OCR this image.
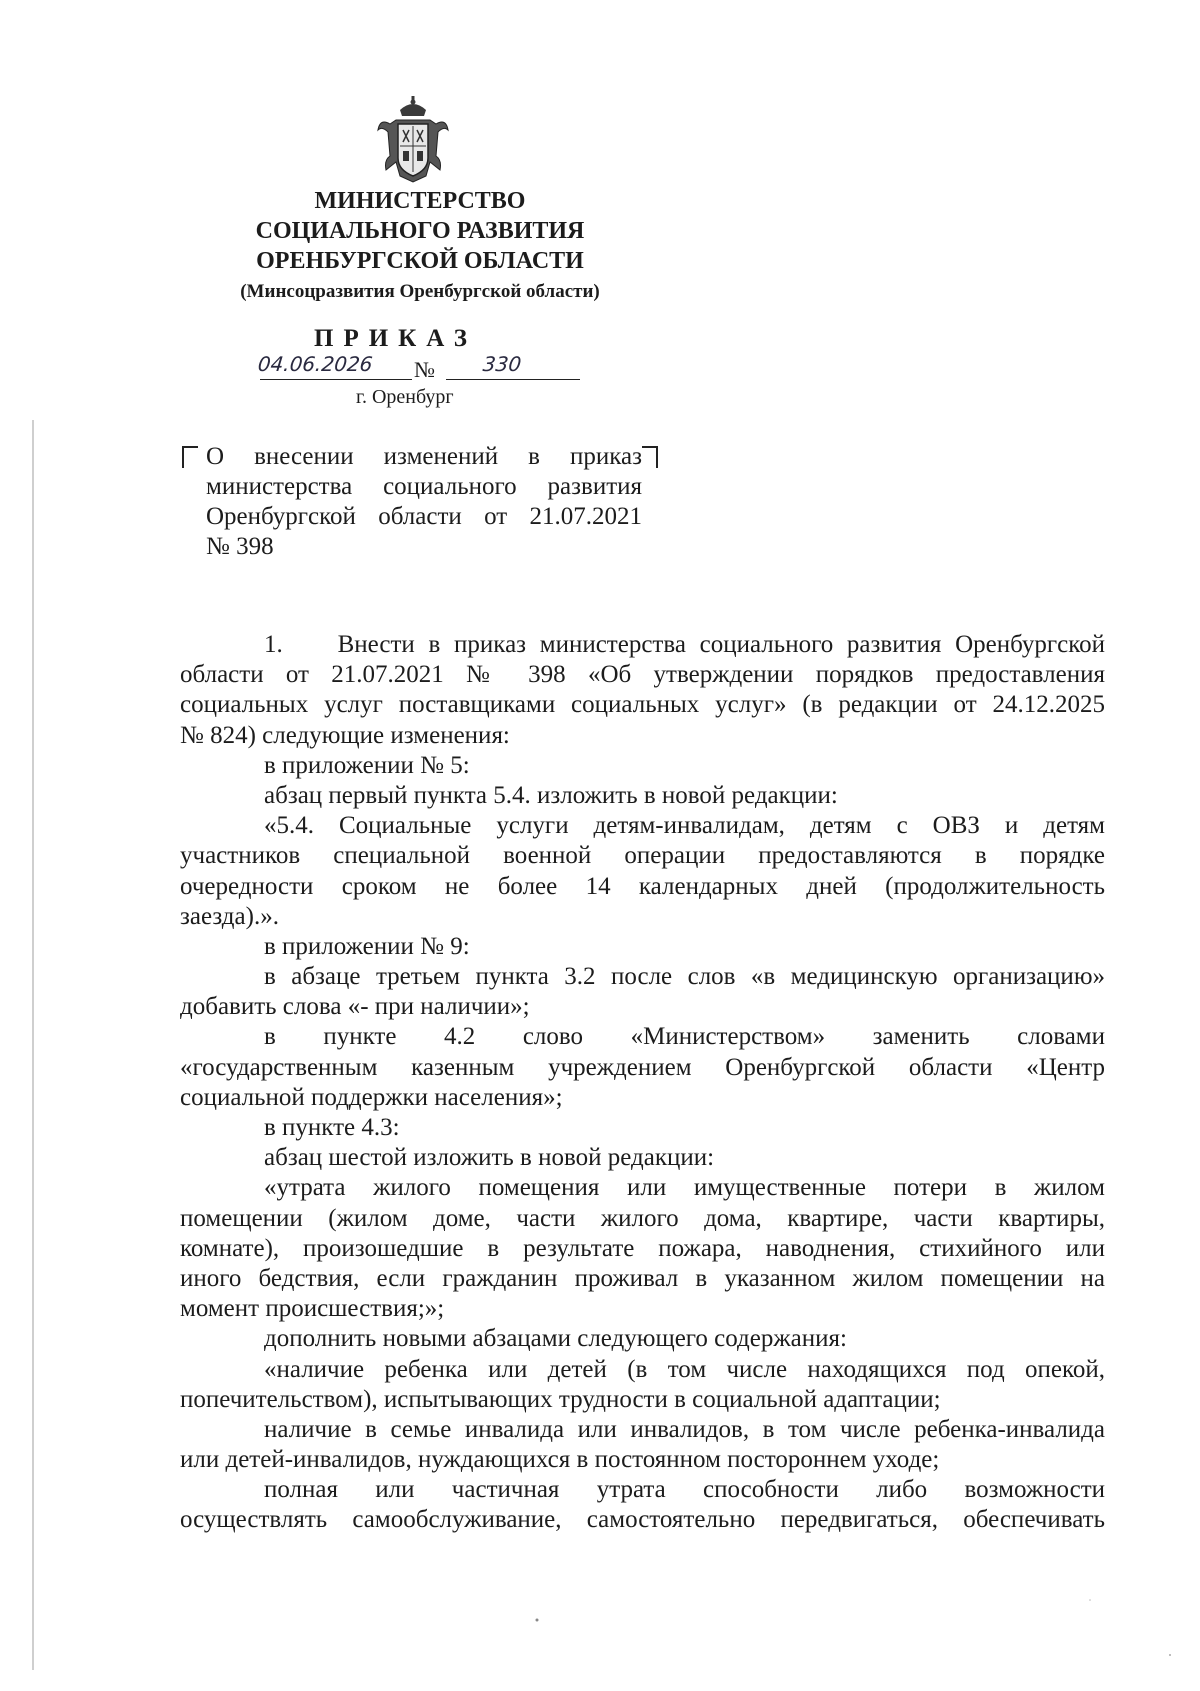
МИНИСТЕРСТВО
СОЦИАЛЬНОГО РАЗВИТИЯ
ОРЕНБУРГСКОЙ ОБЛАСТИ
(Минсоцразвития Оренбургской области)
ПРИКАЗ
04.06.2026 № 330
г. Оренбург
О внесении изменений в приказ
министерства социального развития
Оренбургской области от 21.07.2021
№ 398
1.    Внести в приказ министерства социального развития Оренбургской
области от 21.07.2021 № 398 «Об утверждении порядков предоставления
социальных услуг поставщиками социальных услуг» (в редакции от 24.12.2025
№ 824) следующие изменения:
в приложении № 5:
абзац первый пункта 5.4. изложить в новой редакции:
«5.4. Социальные услуги детям-инвалидам, детям с ОВЗ и детям
участников специальной военной операции предоставляются в порядке
очередности сроком не более 14 календарных дней (продолжительность
заезда).».
в приложении № 9:
в абзаце третьем пункта 3.2 после слов «в медицинскую организацию»
добавить слова «- при наличии»;
в пункте 4.2 слово «Министерством» заменить словами
«государственным казенным учреждением Оренбургской области «Центр
социальной поддержки населения»;
в пункте 4.3:
абзац шестой изложить в новой редакции:
«утрата жилого помещения или имущественные потери в жилом
помещении (жилом доме, части жилого дома, квартире, части квартиры,
комнате), произошедшие в результате пожара, наводнения, стихийного или
иного бедствия, если гражданин проживал в указанном жилом помещении на
момент происшествия;»;
дополнить новыми абзацами следующего содержания:
«наличие ребенка или детей (в том числе находящихся под опекой,
попечительством), испытывающих трудности в социальной адаптации;
наличие в семье инвалида или инвалидов, в том числе ребенка-инвалида
или детей-инвалидов, нуждающихся в постоянном постороннем уходе;
полная или частичная утрата способности либо возможности
осуществлять самообслуживание, самостоятельно передвигаться, обеспечивать
